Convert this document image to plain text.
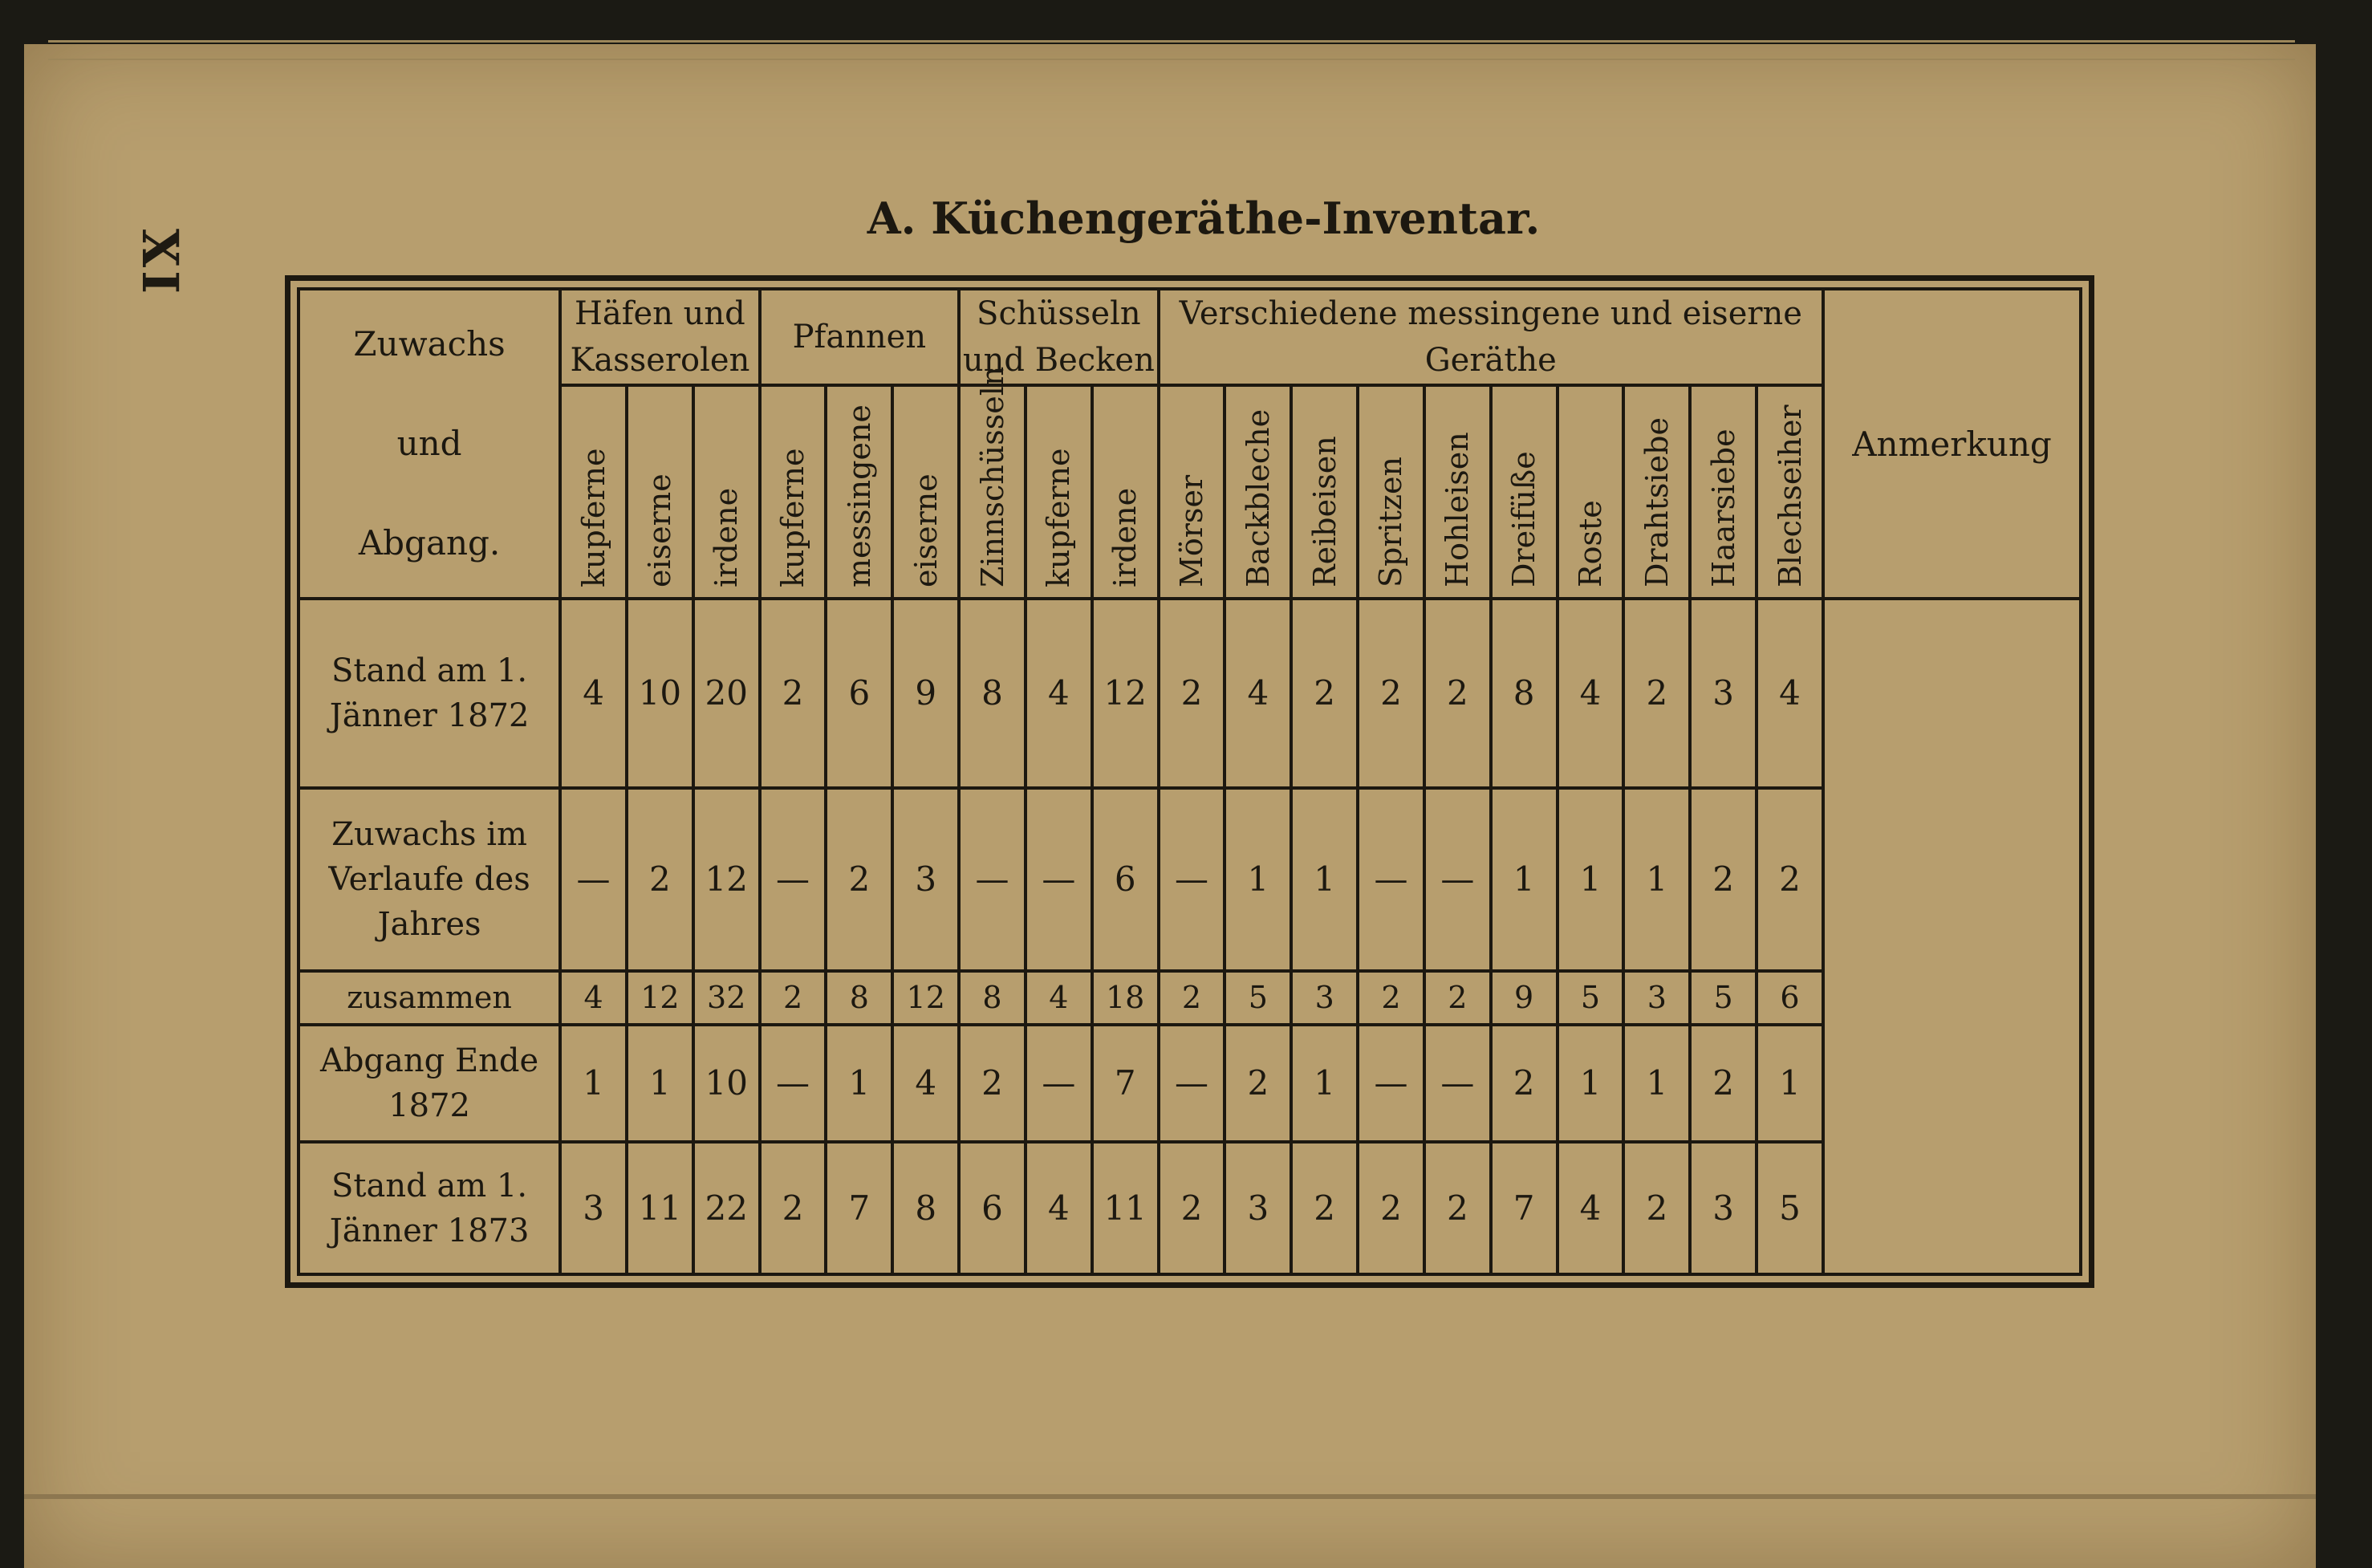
XI
A. Küchengeräthe-Inventar.
Zuwachs

und

Abgang.	Häfen und Kasserolen			Pfannen			Schüsseln und Becken			Verschiedene messingene und eiserne Geräthe										Anmerkung

	kupferne	eiserne	irdene	kupferne	messingene	eiserne	Zinnschüsseln	kupferne	irdene	Mörser	Backbleche	Reibeisen	Spritzen	Hohleisen	Dreifüße	Roste	Drahtsiebe	Haarsiebe	Blechseiher	

Stand am 1. Jänner 1872	4	10	20	2	6	9	8	4	12	2	4	2	2	2	8	4	2	3	4	
Zuwachs im Verlaufe des Jahres	—	2	12	—	2	3	—	—	6	—	1	1	—	—	1	1	1	2	2	
zusammen	4	12	32	2	8	12	8	4	18	2	5	3	2	2	9	5	3	5	6	
Abgang Ende 1872	1	1	10	—	1	4	2	—	7	—	2	1	—	—	2	1	1	2	1	
Stand am 1. Jänner 1873	3	11	22	2	7	8	6	4	11	2	3	2	2	2	7	4	2	3	5	
